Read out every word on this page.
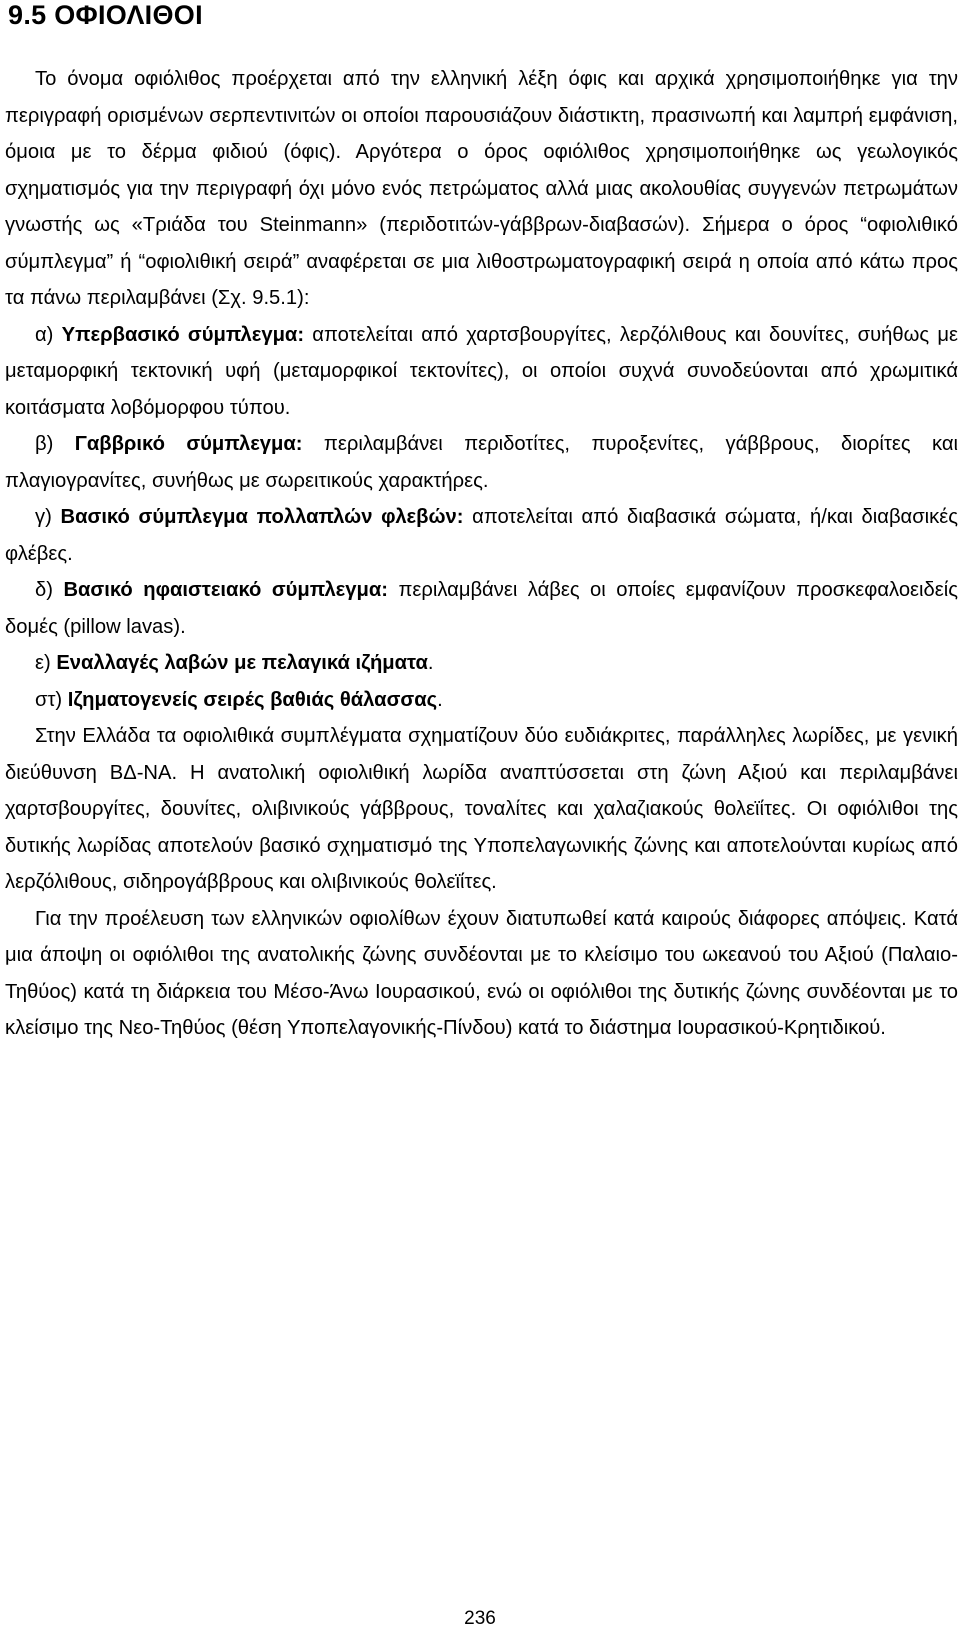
9.5 ΟΦΙΟΛΙΘΟΙ

Το όνομα οφιόλιθος προέρχεται από την ελληνική λέξη όφις και αρχικά χρησιμοποιήθηκε για την περιγραφή ορισμένων σερπεντινιτών οι οποίοι παρουσιάζουν διάστικτη, πρασινωπή και λαμπρή εμφάνιση, όμοια με το δέρμα φιδιού (όφις). Αργότερα ο όρος οφιόλιθος χρησιμοποιήθηκε ως γεωλογικός σχηματισμός για την περιγραφή όχι μόνο ενός πετρώματος αλλά μιας ακολουθίας συγγενών πετρωμάτων γνωστής ως «Τριάδα του Steinmann» (περιδοτιτών-γάββρων-διαβασών). Σήμερα ο όρος “οφιολιθικό σύμπλεγμα” ή “οφιολιθική σειρά” αναφέρεται σε μια λιθοστρωματογραφική σειρά η οποία από κάτω προς τα πάνω περιλαμβάνει (Σχ. 9.5.1):

α) Υπερβασικό σύμπλεγμα: αποτελείται από χαρτσβουργίτες, λερζόλιθους και δουνίτες, συήθως με μεταμορφική τεκτονική υφή (μεταμορφικοί τεκτονίτες), οι οποίοι συχνά συνοδεύονται από χρωμιτικά κοιτάσματα λοβόμορφου τύπου.

β) Γαββρικό σύμπλεγμα: περιλαμβάνει περιδοτίτες, πυροξενίτες, γάββρους, διορίτες και πλαγιογρανίτες, συνήθως με σωρειτικούς χαρακτήρες.

γ) Βασικό σύμπλεγμα πολλαπλών φλεβών: αποτελείται από διαβασικά σώματα, ή/και διαβασικές φλέβες.

δ) Βασικό ηφαιστειακό σύμπλεγμα: περιλαμβάνει λάβες οι οποίες εμφανίζουν προσκεφαλοειδείς δομές (pillow lavas).

ε) Εναλλαγές λαβών με πελαγικά ιζήματα.

στ) Ιζηματογενείς σειρές βαθιάς θάλασσας.

Στην Ελλάδα τα οφιολιθικά συμπλέγματα σχηματίζουν δύο ευδιάκριτες, παράλληλες λωρίδες, με γενική διεύθυνση ΒΔ-ΝΑ. Η ανατολική οφιολιθική λωρίδα αναπτύσσεται στη ζώνη Αξιού και περιλαμβάνει χαρτσβουργίτες, δουνίτες, ολιβινικούς γάββρους, τοναλίτες και χαλαζιακούς θολεϊίτες. Οι οφιόλιθοι της δυτικής λωρίδας αποτελούν βασικό σχηματισμό της Υποπελαγωνικής ζώνης και αποτελούνται κυρίως από λερζόλιθους, σιδηρογάββρους και ολιβινικούς θολεϊίτες.

Για την προέλευση των ελληνικών οφιολίθων έχουν διατυπωθεί κατά καιρούς διάφορες απόψεις. Κατά μια άποψη οι οφιόλιθοι της ανατολικής ζώνης συνδέονται με το κλείσιμο του ωκεανού του Αξιού (Παλαιο-Τηθύος) κατά τη διάρκεια του Μέσο-Άνω Ιουρασικού, ενώ οι οφιόλιθοι της δυτικής ζώνης συνδέονται με το κλείσιμο της Νεο-Τηθύος (θέση Υποπελαγονικής-Πίνδου) κατά το διάστημα Ιουρασικού-Κρητιδικού.

236
